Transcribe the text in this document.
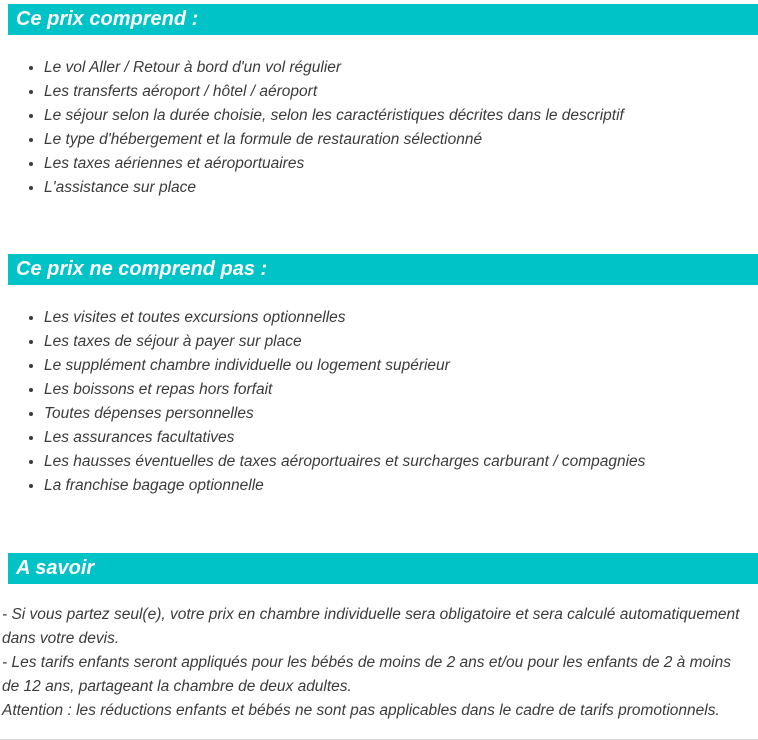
Ce prix comprend :
• Le vol Aller / Retour à bord d'un vol régulier
• Les transferts aéroport / hôtel / aéroport
• Le séjour selon la durée choisie, selon les caractéristiques décrites dans le descriptif
• Le type d'hébergement et la formule de restauration sélectionné
• Les taxes aériennes et aéroportuaires
• L'assistance sur place
Ce prix ne comprend pas :
• Les visites et toutes excursions optionnelles
• Les taxes de séjour à payer sur place
• Le supplément chambre individuelle ou logement supérieur
• Les boissons et repas hors forfait
• Toutes dépenses personnelles
• Les assurances facultatives
• Les hausses éventuelles de taxes aéroportuaires et surcharges carburant / compagnies
• La franchise bagage optionnelle
A savoir

- Si vous partez seul(e), votre prix en chambre individuelle sera obligatoire et sera calculé automatiquement dans votre devis.

- Les tarifs enfants seront appliqués pour les bébés de moins de 2 ans et/ou pour les enfants de 2 à moins de 12 ans, partageant la chambre de deux adultes.

Attention : les réductions enfants et bébés ne sont pas applicables dans le cadre de tarifs promotionnels.
